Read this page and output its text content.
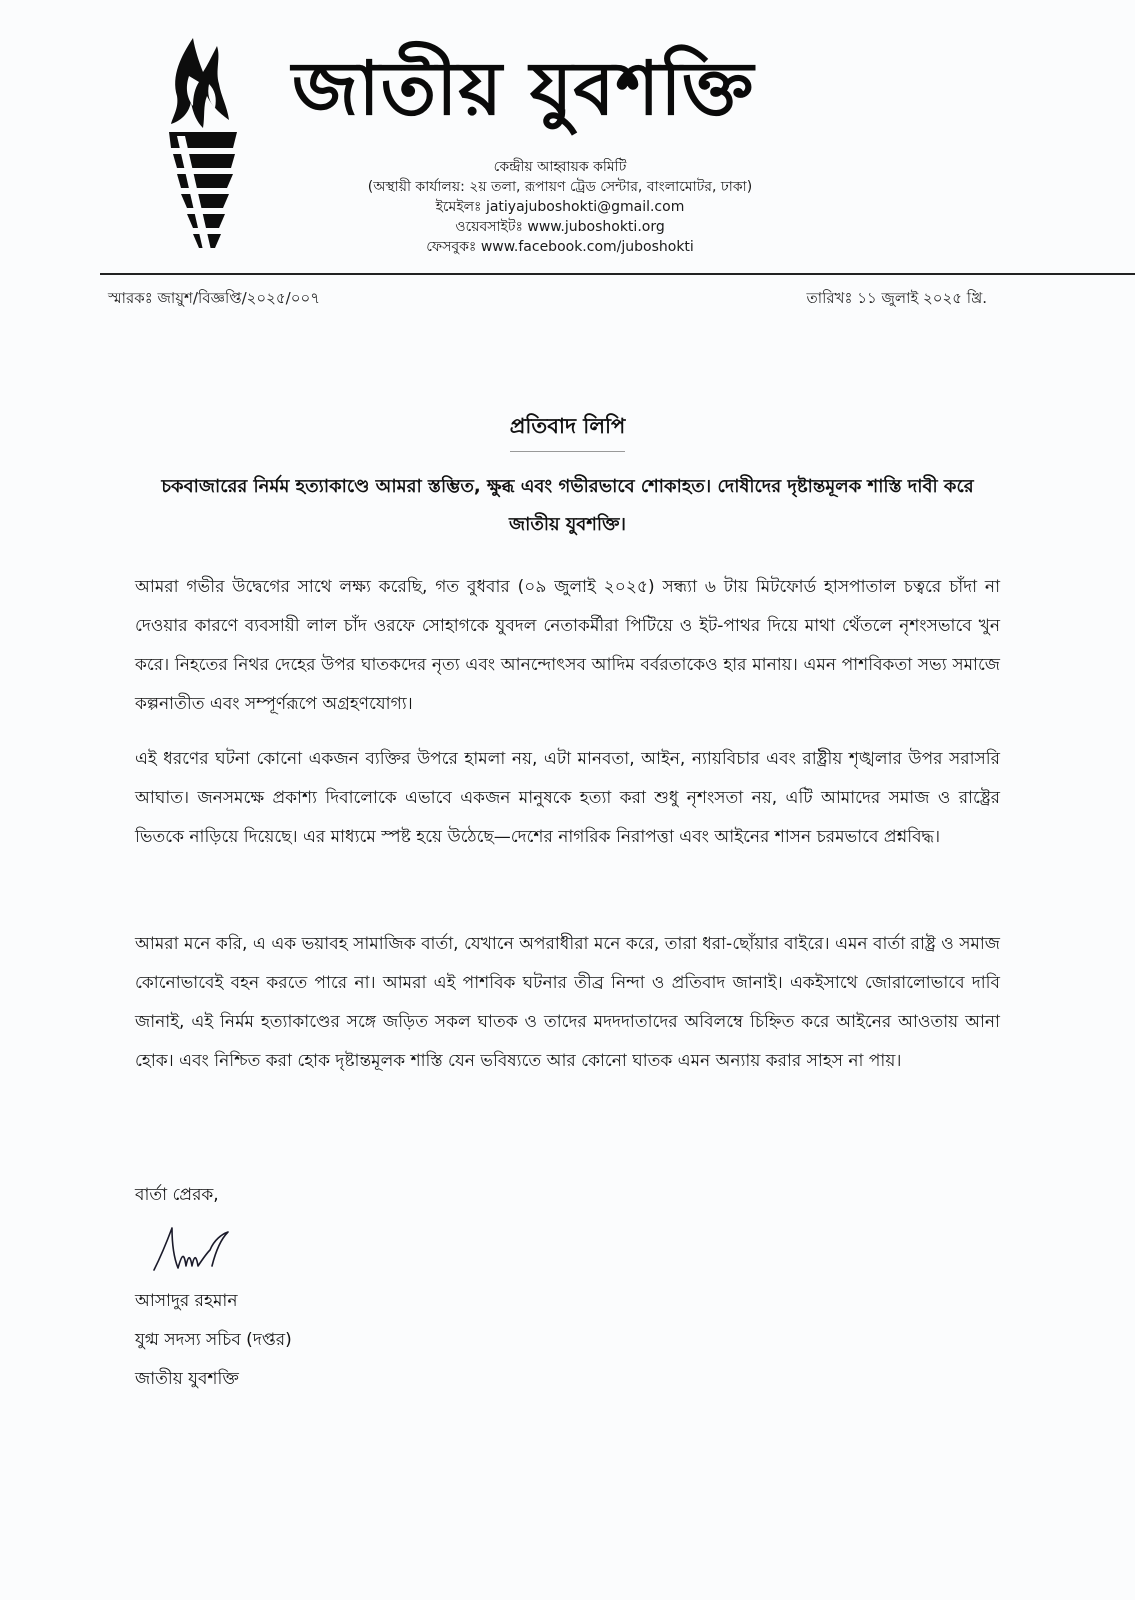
জাতীয় যুবশক্তি
কেন্দ্রীয় আহ্বায়ক কমিটি
(অস্থায়ী কার্যালয়: ২য় তলা, রূপায়ণ ট্রেড সেন্টার, বাংলামোটর, ঢাকা)
ইমেইলঃ jatiyajuboshokti@gmail.com
ওয়েবসাইটঃ www.juboshokti.org
ফেসবুকঃ www.facebook.com/juboshokti
স্মারকঃ জায়ুশ/বিজ্ঞপ্তি/২০২৫/০০৭	তারিখঃ ১১ জুলাই ২০২৫ খ্রি.
প্রতিবাদ লিপি
চকবাজারের নির্মম হত্যাকাণ্ডে আমরা স্তম্ভিত, ক্ষুব্ধ এবং গভীরভাবে শোকাহত। দোষীদের দৃষ্টান্তমূলক শাস্তি দাবী করে জাতীয় যুবশক্তি।

আমরা গভীর উদ্বেগের সাথে লক্ষ্য করেছি, গত বুধবার (০৯ জুলাই ২০২৫) সন্ধ্যা ৬ টায় মিটফোর্ড হাসপাতাল চত্বরে চাঁদা না দেওয়ার কারণে ব্যবসায়ী লাল চাঁদ ওরফে সোহাগকে যুবদল নেতাকর্মীরা পিটিয়ে ও ইট-পাথর দিয়ে মাথা থেঁতলে নৃশংসভাবে খুন করে। নিহতের নিথর দেহের উপর ঘাতকদের নৃত্য এবং আনন্দোৎসব আদিম বর্বরতাকেও হার মানায়। এমন পাশবিকতা সভ্য সমাজে কল্পনাতীত এবং সম্পূর্ণরূপে অগ্রহণযোগ্য।

এই ধরণের ঘটনা কোনো একজন ব্যক্তির উপরে হামলা নয়, এটা মানবতা, আইন, ন্যায়বিচার এবং রাষ্ট্রীয় শৃঙ্খলার উপর সরাসরি আঘাত। জনসমক্ষে প্রকাশ্য দিবালোকে এভাবে একজন মানুষকে হত্যা করা শুধু নৃশংসতা নয়, এটি আমাদের সমাজ ও রাষ্ট্রের ভিতকে নাড়িয়ে দিয়েছে। এর মাধ্যমে স্পষ্ট হয়ে উঠেছে—দেশের নাগরিক নিরাপত্তা এবং আইনের শাসন চরমভাবে প্রশ্নবিদ্ধ।

আমরা মনে করি, এ এক ভয়াবহ সামাজিক বার্তা, যেখানে অপরাধীরা মনে করে, তারা ধরা-ছোঁয়ার বাইরে। এমন বার্তা রাষ্ট্র ও সমাজ কোনোভাবেই বহন করতে পারে না। আমরা এই পাশবিক ঘটনার তীব্র নিন্দা ও প্রতিবাদ জানাই। একইসাথে জোরালোভাবে দাবি জানাই, এই নির্মম হত্যাকাণ্ডের সঙ্গে জড়িত সকল ঘাতক ও তাদের মদদদাতাদের অবিলম্বে চিহ্নিত করে আইনের আওতায় আনা হোক। এবং নিশ্চিত করা হোক দৃষ্টান্তমূলক শাস্তি যেন ভবিষ্যতে আর কোনো ঘাতক এমন অন্যায় করার সাহস না পায়।

বার্তা প্রেরক,
আসাদুর রহমান
যুগ্ম সদস্য সচিব (দপ্তর)
জাতীয় যুবশক্তি
